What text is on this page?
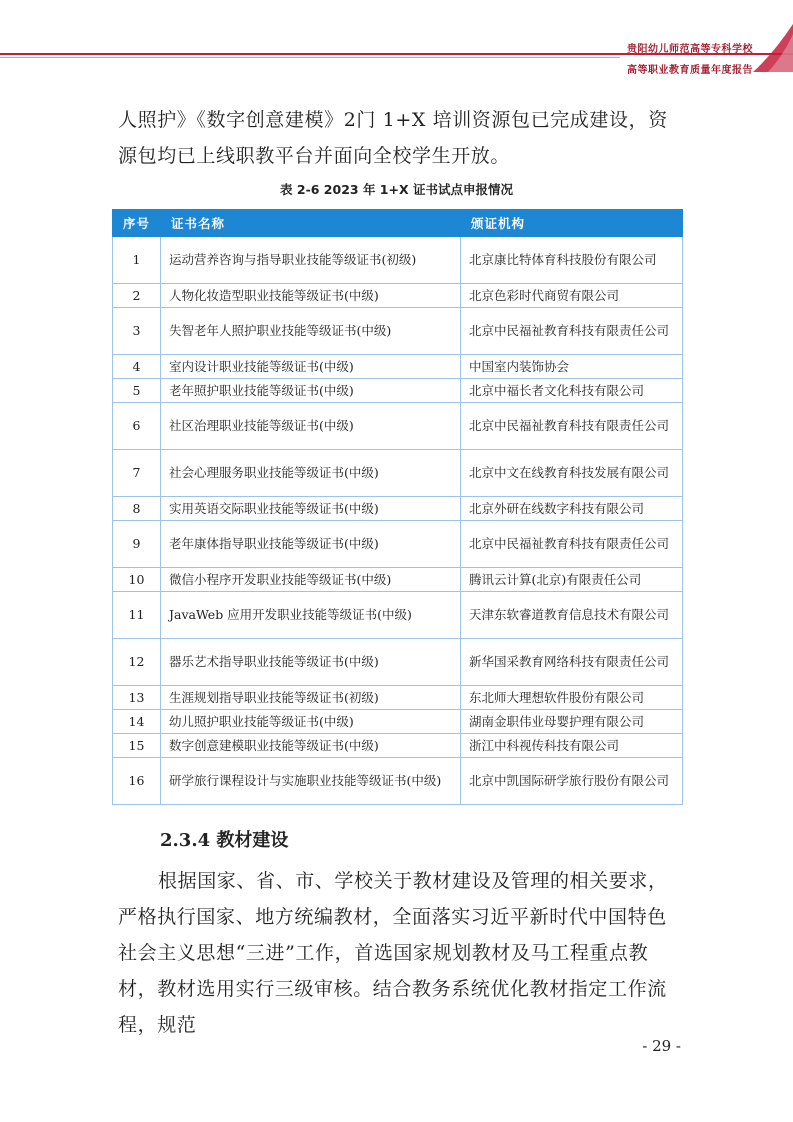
贵阳幼儿师范高等专科学校
高等职业教育质量年度报告
人照护》《数字创意建模》2门 1+X 培训资源包已完成建设，资源包均已上线职教平台并面向全校学生开放。
表 2-6 2023 年 1+X 证书试点申报情况
序号	证书名称	颁证机构
1	运动营养咨询与指导职业技能等级证书(初级)	北京康比特体育科技股份有限公司
2	人物化妆造型职业技能等级证书(中级)	北京色彩时代商贸有限公司
3	失智老年人照护职业技能等级证书(中级)	北京中民福祉教育科技有限责任公司
4	室内设计职业技能等级证书(中级)	中国室内装饰协会
5	老年照护职业技能等级证书(中级)	北京中福长者文化科技有限公司
6	社区治理职业技能等级证书(中级)	北京中民福祉教育科技有限责任公司
7	社会心理服务职业技能等级证书(中级)	北京中文在线教育科技发展有限公司
8	实用英语交际职业技能等级证书(中级)	北京外研在线数字科技有限公司
9	老年康体指导职业技能等级证书(中级)	北京中民福祉教育科技有限责任公司
10	微信小程序开发职业技能等级证书(中级)	腾讯云计算(北京)有限责任公司
11	JavaWeb 应用开发职业技能等级证书(中级)	天津东软睿道教育信息技术有限公司
12	器乐艺术指导职业技能等级证书(中级)	新华国采教育网络科技有限责任公司
13	生涯规划指导职业技能等级证书(初级)	东北师大理想软件股份有限公司
14	幼儿照护职业技能等级证书(中级)	湖南金职伟业母婴护理有限公司
15	数字创意建模职业技能等级证书(中级)	浙江中科视传科技有限公司
16	研学旅行课程设计与实施职业技能等级证书(中级)	北京中凯国际研学旅行股份有限公司
2.3.4 教材建设
根据国家、省、市、学校关于教材建设及管理的相关要求，严格执行国家、地方统编教材，全面落实习近平新时代中国特色社会主义思想“三进”工作，首选国家规划教材及马工程重点教材，教材选用实行三级审核。结合教务系统优化教材指定工作流程，规范
- 29 -
